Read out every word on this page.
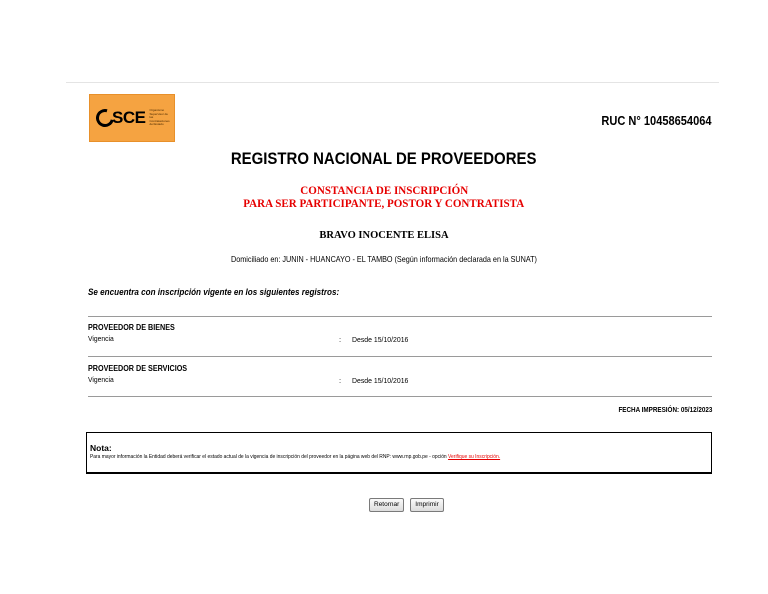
SCE Organismo Supervisor de las Contrataciones del Estado	RUC N° 10458654064
REGISTRO NACIONAL DE PROVEEDORES
CONSTANCIA DE INSCRIPCIÓN
PARA SER PARTICIPANTE, POSTOR Y CONTRATISTA
BRAVO INOCENTE ELISA
Domiciliado en: JUNIN - HUANCAYO - EL TAMBO (Según información declarada en la SUNAT)
Se encuentra con inscripción vigente en los siguientes registros:
PROVEEDOR DE BIENES
Vigencia	: Desde 15/10/2016
PROVEEDOR DE SERVICIOS
Vigencia	: Desde 15/10/2016
FECHA IMPRESIÓN: 05/12/2023
Nota:
Para mayor información la Entidad deberá verificar el estado actual de la vigencia de inscripción del proveedor en la página web del RNP: www.rnp.gob.pe - opción Verifique su Inscripción.
Retornar	Imprimir
